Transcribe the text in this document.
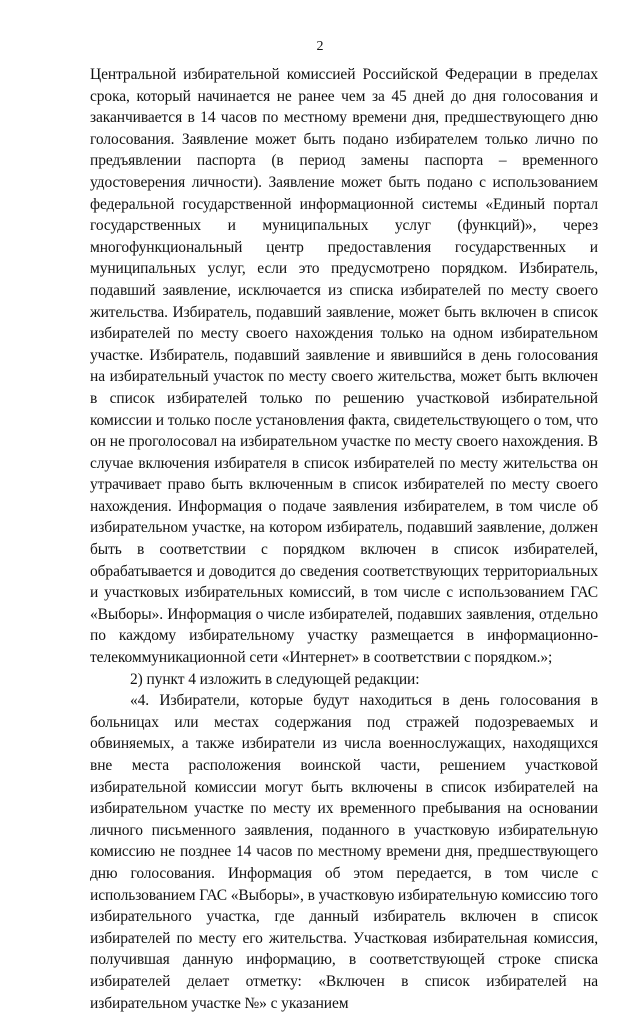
2

Центральной избирательной комиссией Российской Федерации в пределах срока, который начинается не ранее чем за 45 дней до дня голосования и заканчивается в 14 часов по местному времени дня, предшествующего дню голосования. Заявление может быть подано избирателем только лично по предъявлении паспорта (в период замены паспорта – временного удостоверения личности). Заявление может быть подано с использованием федеральной государственной информационной системы «Единый портал государственных и муниципальных услуг (функций)», через многофункциональный центр предоставления государственных и муниципальных услуг, если это предусмотрено порядком. Избиратель, подавший заявление, исключается из списка избирателей по месту своего жительства. Избиратель, подавший заявление, может быть включен в список избирателей по месту своего нахождения только на одном избирательном участке. Избиратель, подавший заявление и явившийся в день голосования на избирательный участок по месту своего жительства, может быть включен в список избирателей только по решению участковой избирательной комиссии и только после установления факта, свидетельствующего о том, что он не проголосовал на избирательном участке по месту своего нахождения. В случае включения избирателя в список избирателей по месту жительства он утрачивает право быть включенным в список избирателей по месту своего нахождения. Информация о подаче заявления избирателем, в том числе об избирательном участке, на котором избиратель, подавший заявление, должен быть в соответствии с порядком включен в список избирателей, обрабатывается и доводится до сведения соответствующих территориальных и участковых избирательных комиссий, в том числе с использованием ГАС «Выборы». Информация о числе избирателей, подавших заявления, отдельно по каждому избирательному участку размещается в информационно-телекоммуникационной сети «Интернет» в соответствии с порядком.»;

2) пункт 4 изложить в следующей редакции:

«4. Избиратели, которые будут находиться в день голосования в больницах или местах содержания под стражей подозреваемых и обвиняемых, а также избиратели из числа военнослужащих, находящихся вне места расположения воинской части, решением участковой избирательной комиссии могут быть включены в список избирателей на избирательном участке по месту их временного пребывания на основании личного письменного заявления, поданного в участковую избирательную комиссию не позднее 14 часов по местному времени дня, предшествующего дню голосования. Информация об этом передается, в том числе с использованием ГАС «Выборы», в участковую избирательную комиссию того избирательного участка, где данный избиратель включен в список избирателей по месту его жительства. Участковая избирательная комиссия, получившая данную информацию, в соответствующей строке списка избирателей делает отметку: «Включен в список избирателей на избирательном участке №» с указанием
